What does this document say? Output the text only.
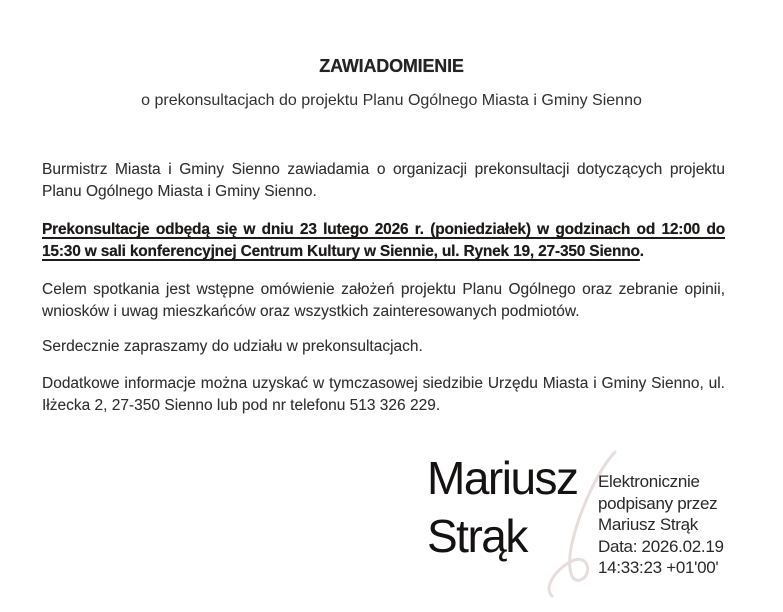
ZAWIADOMIENIE
o prekonsultacjach do projektu Planu Ogólnego Miasta i Gminy Sienno

Burmistrz Miasta i Gminy Sienno zawiadamia o organizacji prekonsultacji dotyczących projektu Planu Ogólnego Miasta i Gminy Sienno.

Prekonsultacje odbędą się w dniu 23 lutego 2026 r. (poniedziałek) w godzinach od 12:00 do 15:30 w sali konferencyjnej Centrum Kultury w Siennie, ul. Rynek 19, 27-350 Sienno.

Celem spotkania jest wstępne omówienie założeń projektu Planu Ogólnego oraz zebranie opinii, wniosków i uwag mieszkańców oraz wszystkich zainteresowanych podmiotów.

Serdecznie zapraszamy do udziału w prekonsultacjach.

Dodatkowe informacje można uzyskać w tymczasowej siedzibie Urzędu Miasta i Gminy Sienno, ul. Iłżecka 2, 27-350 Sienno lub pod nr telefonu 513 326 229.

Mariusz
Strąk
Elektronicznie
podpisany przez
Mariusz Strąk
Data: 2026.02.19
14:33:23 +01'00'
